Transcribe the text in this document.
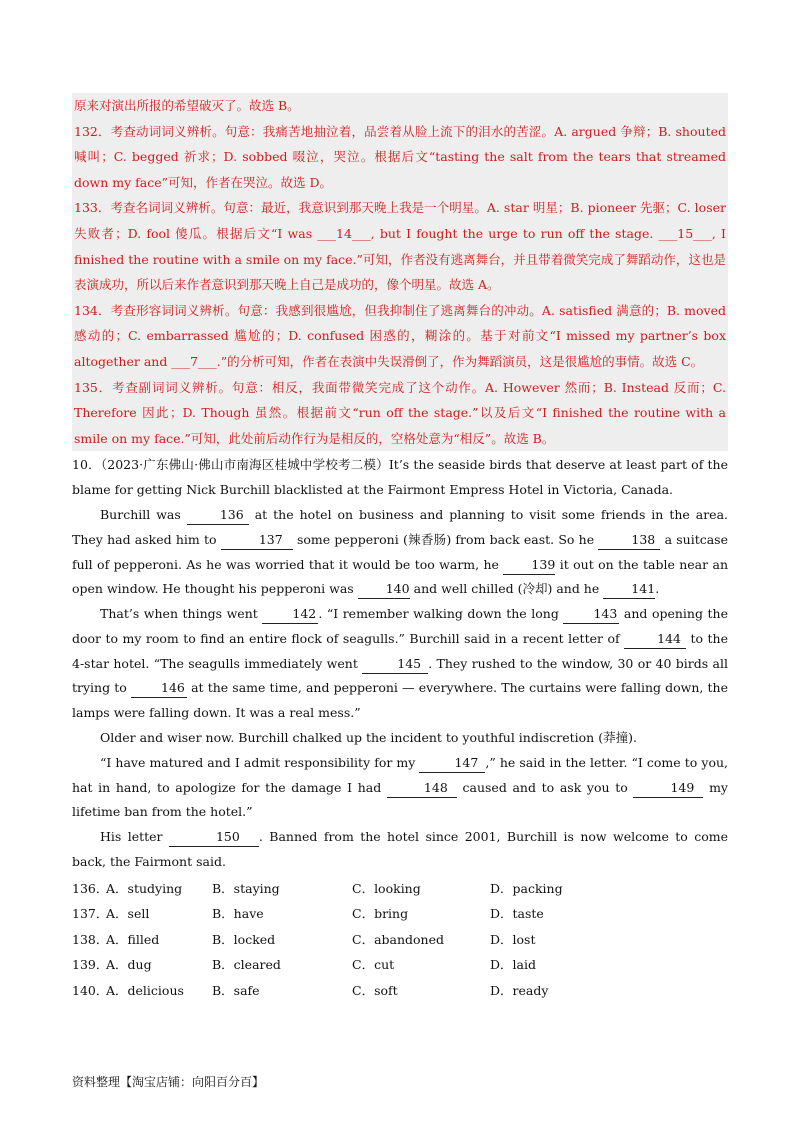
原来对演出所报的希望破灭了。故选 B。

132．考查动词词义辨析。句意：我痛苦地抽泣着，品尝着从脸上流下的泪水的苦涩。A. argued 争辩；B. shouted 喊叫；C. begged 祈求；D. sobbed 啜泣，哭泣。根据后文“tasting the salt from the tears that streamed down my face”可知，作者在哭泣。故选 D。

133．考查名词词义辨析。句意：最近，我意识到那天晚上我是一个明星。A. star 明星；B. pioneer 先驱；C. loser 失败者；D. fool 傻瓜。根据后文“I was ___14___, but I fought the urge to run off the stage. ___15___, I finished the routine with a smile on my face.”可知，作者没有逃离舞台，并且带着微笑完成了舞蹈动作，这也是表演成功，所以后来作者意识到那天晚上自己是成功的，像个明星。故选 A。

134．考查形容词词义辨析。句意：我感到很尴尬，但我抑制住了逃离舞台的冲动。A. satisfied 满意的；B. moved 感动的；C. embarrassed 尴尬的；D. confused 困惑的，糊涂的。基于对前文“I missed my partner’s box altogether and ___7___.”的分析可知，作者在表演中失误滑倒了，作为舞蹈演员，这是很尴尬的事情。故选 C。

135．考查副词词义辨析。句意：相反，我面带微笑完成了这个动作。A. However 然而；B. Instead 反而；C. Therefore 因此；D. Though 虽然。根据前文“run off the stage.”以及后文“I finished the routine with a smile on my face.”可知，此处前后动作行为是相反的，空格处意为“相反”。故选 B。

10．（2023·广东佛山·佛山市南海区桂城中学校考二模）It’s the seaside birds that deserve at least part of the blame for getting Nick Burchill blacklisted at the Fairmont Empress Hotel in Victoria, Canada.

Burchill was	136 at the hotel on business and planning to visit some friends in the area. They had asked him to	137 some pepperoni (辣香肠) from back east. So he	138 a suitcase full of pepperoni. As he was worried that it would be too warm, he 139 it out on the table near an open window. He thought his pepperoni was 140 and well chilled (冷却) and he 141.

That’s when things went 142 . “I remember walking down the long 143 and opening the door to my room to find an entire flock of seagulls.” Burchill said in a recent letter of	144 to the 4-star hotel. “The seagulls immediately went	145 . They rushed to the window, 30 or 40 birds all trying to 146 at the same time, and pepperoni — everywhere. The curtains were falling down, the lamps were falling down. It was a real mess.”

Older and wiser now. Burchill chalked up the incident to youthful indiscretion (莽撞).

“I have matured and I admit responsibility for my	147 ,” he said in the letter. “I come to you, hat in hand, to apologize for the damage I had	148 caused and to ask you to	149 my lifetime ban from the hotel.”

His letter	150 . Banned from the hotel since 2001, Burchill is now welcome to come back, the Fairmont said.

136．
A．studying B．staying	C．looking	D．packing
137．
A．sell	B．have	C．bring	D．taste
138．
A．filled	B．locked	C．abandoned	D．lost
139．
A．dug	B．cleared	C．cut	D．laid
140．
A．delicious B．safe	C．soft	D．ready
资料整理【淘宝店铺：向阳百分百】
